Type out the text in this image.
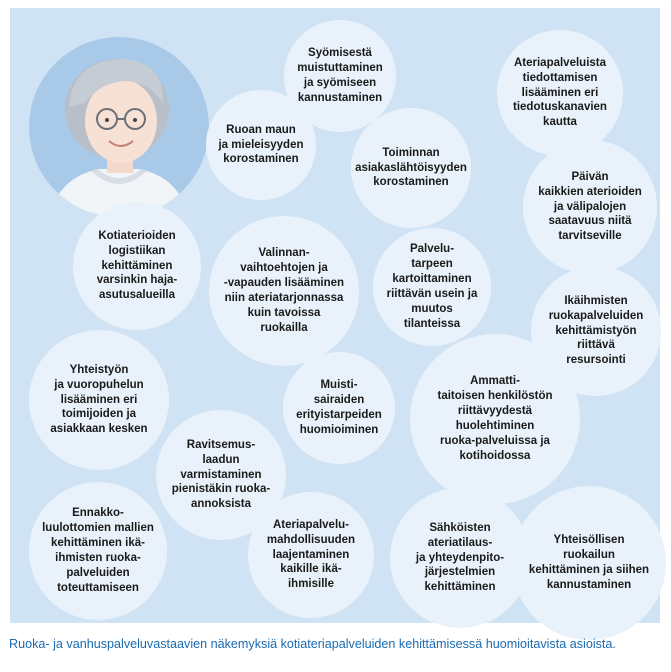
Syömisestä
muistuttaminen
ja syömiseen
kannustaminen
Ateriapalveluista
tiedottamisen
lisääminen eri
tiedotuskanavien
kautta
Ruoan maun
ja mieleisyyden
korostaminen
Toiminnan
asiakaslähtöisyyden
korostaminen	Päivän
kaikkien aterioiden
ja välipalojen
saatavuus niitä
tarvitseville
Kotiaterioiden
logistiikan
kehittäminen
varsinkin haja-
asutusalueilla
Valinnan-
vaihtoehtojen ja
-vapauden lisääminen
niin ateriatarjonnassa
kuin tavoissa
ruokailla
Palvelu-
tarpeen
kartoittaminen
riittävän usein ja
muutos
tilanteissa
Ikäihmisten
ruokapalveluiden
kehittämistyön
riittävä
resursointi
Yhteistyön
ja vuoropuhelun
lisääminen eri
toimijoiden ja
asiakkaan kesken
Muisti-
sairaiden
erityistarpeiden
huomioiminen
Ammatti-
taitoisen henkilöstön
riittävyydestä
huolehtiminen
ruoka-palveluissa ja
kotihoidossa
Ravitsemus-
laadun
varmistaminen
pienistäkin ruoka-
annoksista
Ennakko-
luulottomien mallien
kehittäminen ikä-
ihmisten ruoka-
palveluiden
toteuttamiseen
Ateriapalvelu-
mahdollisuuden
laajentaminen
kaikille ikä-
ihmisille
Sähköisten
ateriatilaus-
ja yhteydenpito-
järjestelmien
kehittäminen
Yhteisöllisen
ruokailun
kehittäminen ja siihen
kannustaminen
Ruoka- ja vanhuspalveluvastaavien näkemyksiä kotiateriapalveluiden kehittämisessä huomioitavista asioista.
